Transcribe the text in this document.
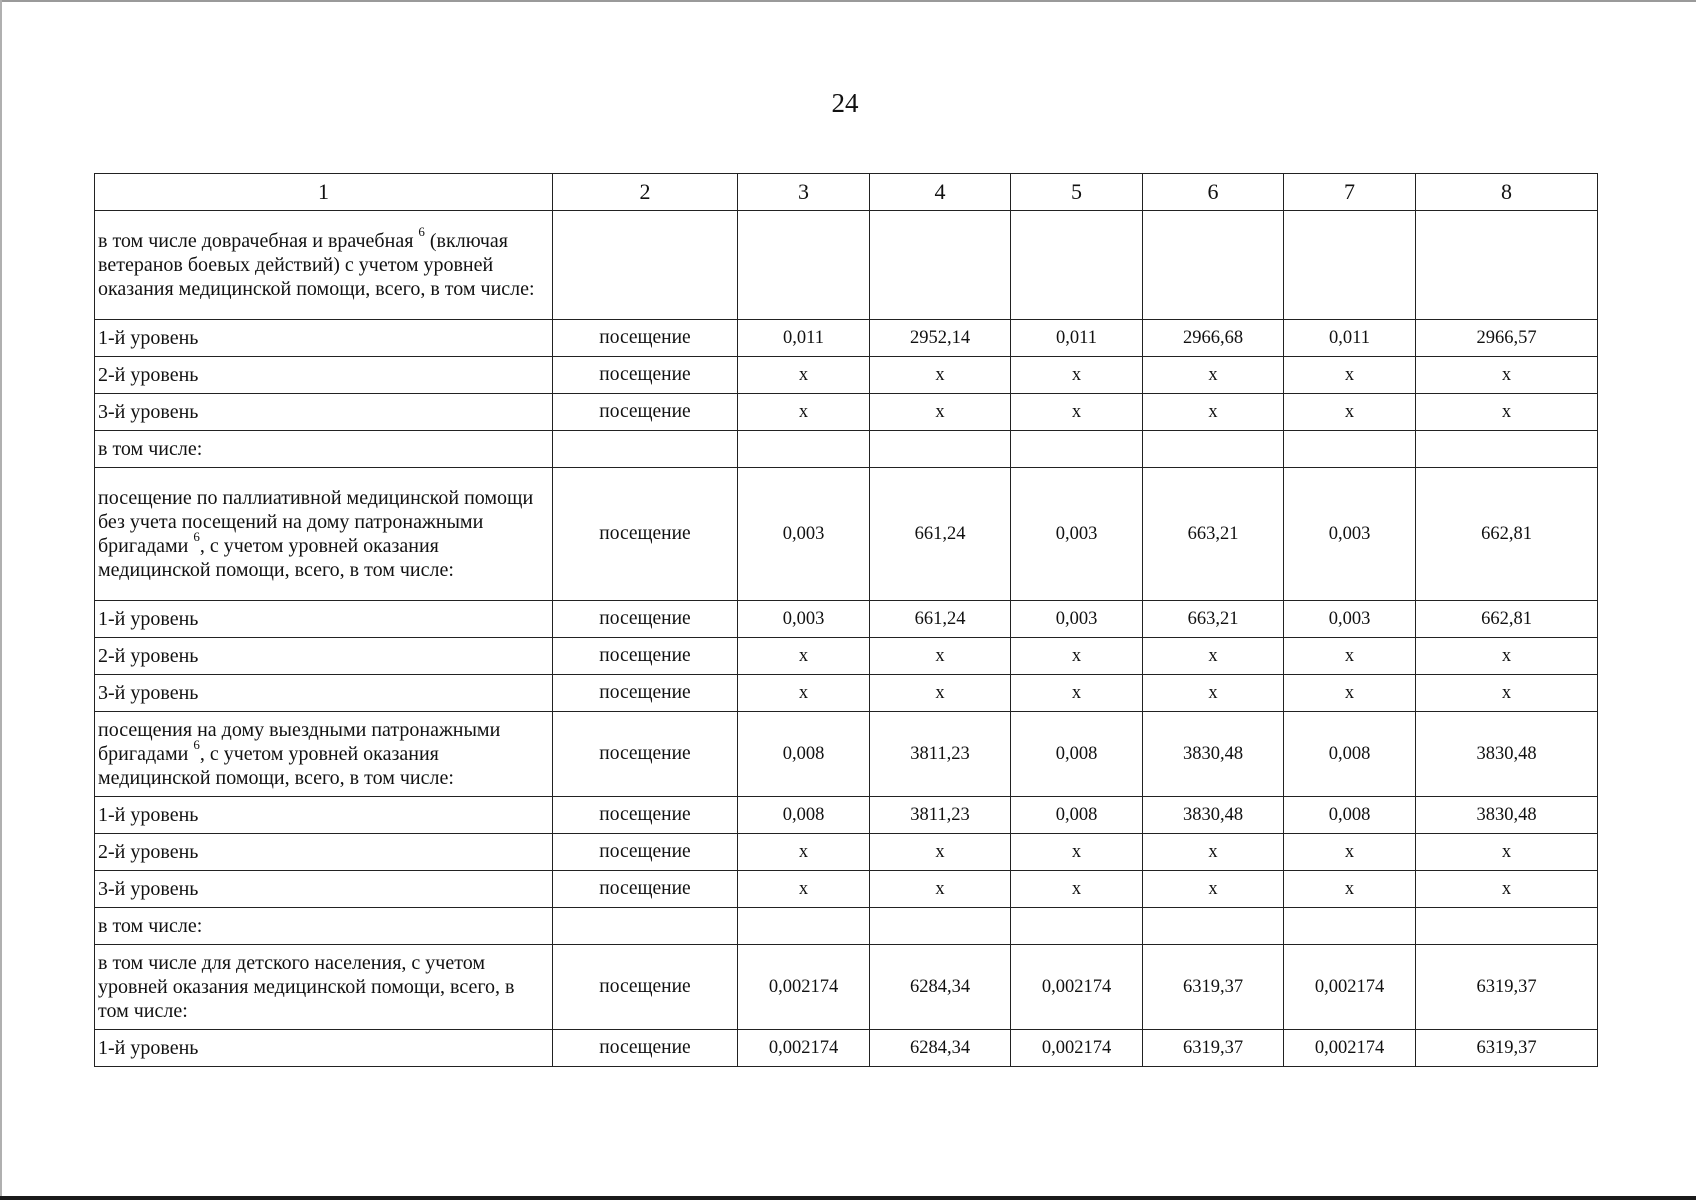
24
1	2	3	4	5	6	7	8
в том числе доврачебная и врачебная $^6$ (включая ветеранов боевых действий) с учетом уровней оказания медицинской помощи, всего, в том числе:							
1-й уровень	посещение	0,011	2952,14	0,011	2966,68	0,011	2966,57
2-й уровень	посещение	х	х	х	х	х	х
3-й уровень	посещение	х	х	х	х	х	х
в том числе:							
посещение по паллиативной медицинской помощи без учета посещений на дому патронажными бригадами $^6$, с учетом уровней оказания медицинской помощи, всего, в том числе:	посещение	0,003	661,24	0,003	663,21	0,003	662,81
1-й уровень	посещение	0,003	661,24	0,003	663,21	0,003	662,81
2-й уровень	посещение	х	х	х	х	х	х
3-й уровень	посещение	х	х	х	х	х	х
посещения на дому выездными патронажными бригадами $^6$, с учетом уровней оказания медицинской помощи, всего, в том числе:	посещение	0,008	3811,23	0,008	3830,48	0,008	3830,48
1-й уровень	посещение	0,008	3811,23	0,008	3830,48	0,008	3830,48
2-й уровень	посещение	х	х	х	х	х	х
3-й уровень	посещение	х	х	х	х	х	х
в том числе:							
в том числе для детского населения, с учетом уровней оказания медицинской помощи, всего, в том числе:	посещение	0,002174	6284,34	0,002174	6319,37	0,002174	6319,37
1-й уровень	посещение	0,002174	6284,34	0,002174	6319,37	0,002174	6319,37
